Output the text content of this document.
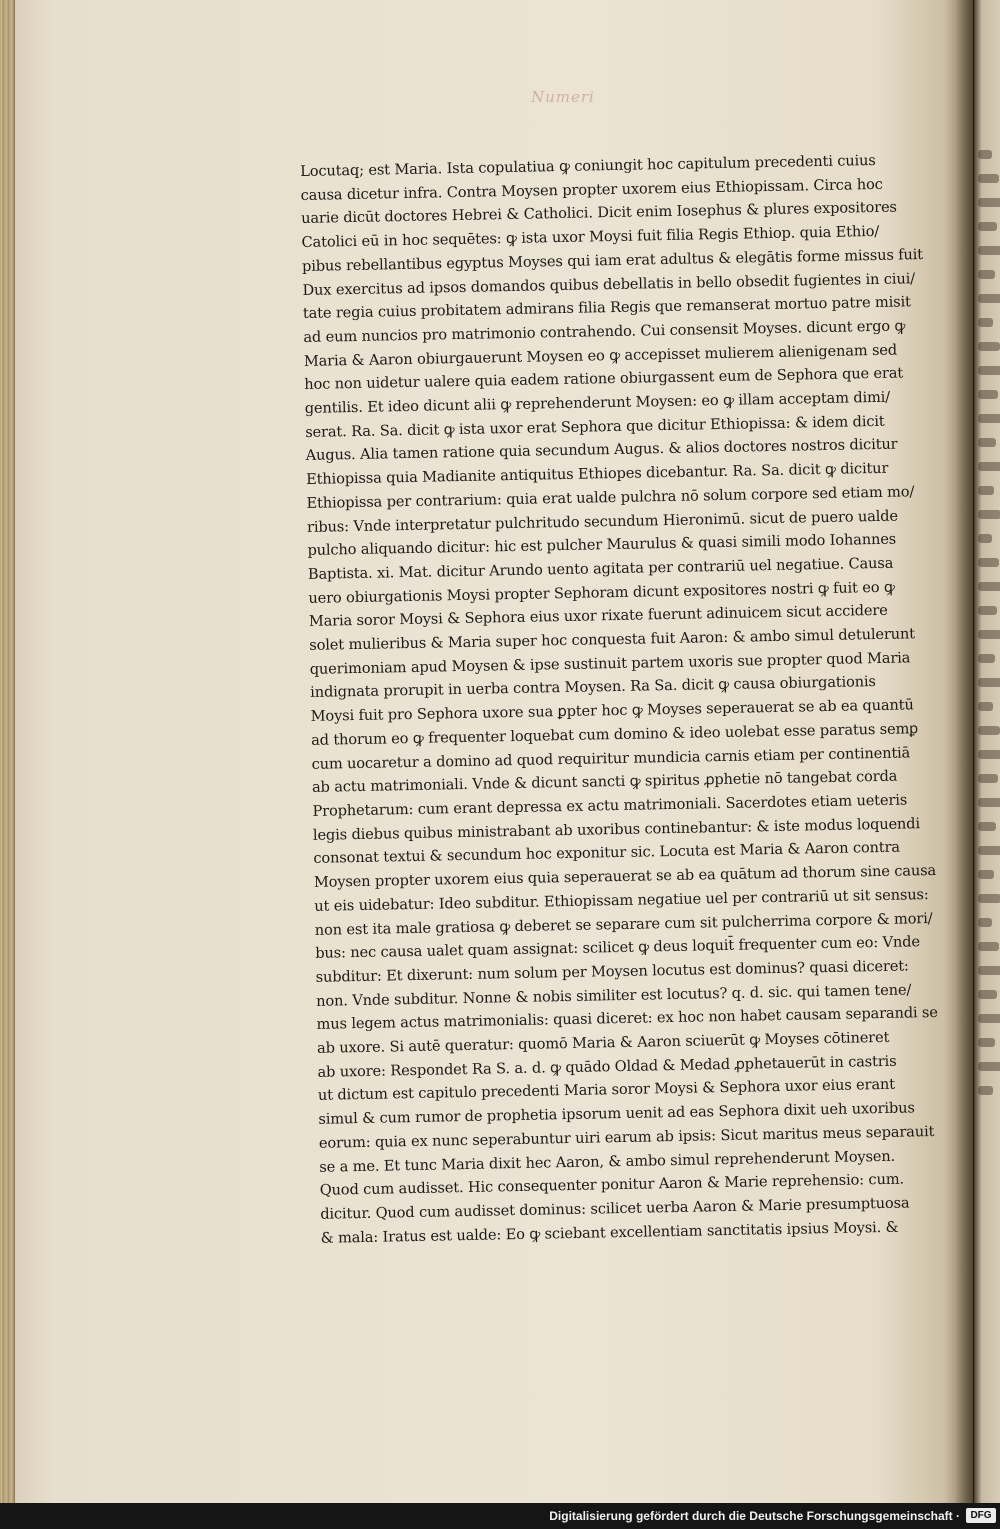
Numeri
Locutaq; est Maria. Ista copulatiua ꝙ coniungit hoc capitulum precedenti cuius
causa dicetur infra. Contra Moysen propter uxorem eius Ethiopissam. Circa hoc
uarie dicūt doctores Hebrei & Catholici. Dicit enim Iosephus & plures expositores
Catolici eū in hoc sequētes: ꝙ ista uxor Moysi fuit filia Regis Ethiop. quia Ethio/
pibus rebellantibus egyptus Moyses qui iam erat adultus & elegātis forme missus fuit
Dux exercitus ad ipsos domandos quibus debellatis in bello obsedit fugientes in ciui/
tate regia cuius probitatem admirans filia Regis que remanserat mortuo patre misit
ad eum nuncios pro matrimonio contrahendo. Cui consensit Moyses. dicunt ergo ꝙ
Maria & Aaron obiurgauerunt Moysen eo ꝙ accepisset mulierem alienigenam sed
hoc non uidetur ualere quia eadem ratione obiurgassent eum de Sephora que erat
gentilis. Et ideo dicunt alii ꝙ reprehenderunt Moysen: eo ꝙ illam acceptam dimi/
serat. Ra. Sa. dicit ꝙ ista uxor erat Sephora que dicitur Ethiopissa: & idem dicit
Augus. Alia tamen ratione quia secundum Augus. & alios doctores nostros dicitur
Ethiopissa quia Madianite antiquitus Ethiopes dicebantur. Ra. Sa. dicit ꝙ dicitur
Ethiopissa per contrarium: quia erat ualde pulchra nō solum corpore sed etiam mo/
ribus: Vnde interpretatur pulchritudo secundum Hieronimū. sicut de puero ualde
pulcho aliquando dicitur: hic est pulcher Maurulus & quasi simili modo Iohannes
Baptista. xi. Mat. dicitur Arundo uento agitata per contrariū uel negatiue. Causa
uero obiurgationis Moysi propter Sephoram dicunt expositores nostri ꝙ fuit eo ꝙ
Maria soror Moysi & Sephora eius uxor rixate fuerunt adinuicem sicut accidere
solet mulieribus & Maria super hoc conquesta fuit Aaron: & ambo simul detulerunt
querimoniam apud Moysen & ipse sustinuit partem uxoris sue propter quod Maria
indignata prorupit in uerba contra Moysen. Ra Sa. dicit ꝙ causa obiurgationis
Moysi fuit pro Sephora uxore sua ꝑpter hoc ꝙ Moyses seperauerat se ab ea quantū
ad thorum eo ꝙ frequenter loquebat cum domino & ideo uolebat esse paratus semꝑ
cum uocaretur a domino ad quod requiritur mundicia carnis etiam per continentiā
ab actu matrimoniali. Vnde & dicunt sancti ꝙ spiritus ꝓphetie nō tangebat corda
Prophetarum: cum erant depressa ex actu matrimoniali. Sacerdotes etiam ueteris
legis diebus quibus ministrabant ab uxoribus continebantur: & iste modus loquendi
consonat textui & secundum hoc exponitur sic. Locuta est Maria & Aaron contra
Moysen propter uxorem eius quia seperauerat se ab ea quātum ad thorum sine causa
ut eis uidebatur: Ideo subditur. Ethiopissam negatiue uel per contrariū ut sit sensus:
non est ita male gratiosa ꝙ deberet se separare cum sit pulcherrima corpore & mori/
bus: nec causa ualet quam assignat: scilicet ꝙ deus loquit̄ frequenter cum eo: Vnde
subditur: Et dixerunt: num solum per Moysen locutus est dominus? quasi diceret:
non. Vnde subditur. Nonne & nobis similiter est locutus? q. d. sic. qui tamen tene/
mus legem actus matrimonialis: quasi diceret: ex hoc non habet causam separandi se
ab uxore. Si autē queratur: quomō Maria & Aaron sciuerūt ꝙ Moyses cōtineret
ab uxore: Respondet Ra S. a. d. ꝙ quādo Oldad & Medad ꝓphetauerūt in castris
ut dictum est capitulo precedenti Maria soror Moysi & Sephora uxor eius erant
simul & cum rumor de prophetia ipsorum uenit ad eas Sephora dixit ueh uxoribus
eorum: quia ex nunc seperabuntur uiri earum ab ipsis: Sicut maritus meus separauit
se a me. Et tunc Maria dixit hec Aaron, & ambo simul reprehenderunt Moysen.
Quod cum audisset. Hic consequenter ponitur Aaron & Marie reprehensio: cum.
dicitur. Quod cum audisset dominus: scilicet uerba Aaron & Marie presumptuosa
& mala: Iratus est ualde: Eo ꝙ sciebant excellentiam sanctitatis ipsius Moysi. &
Digitalisierung gefördert durch die Deutsche Forschungsgemeinschaft ·	DFG
